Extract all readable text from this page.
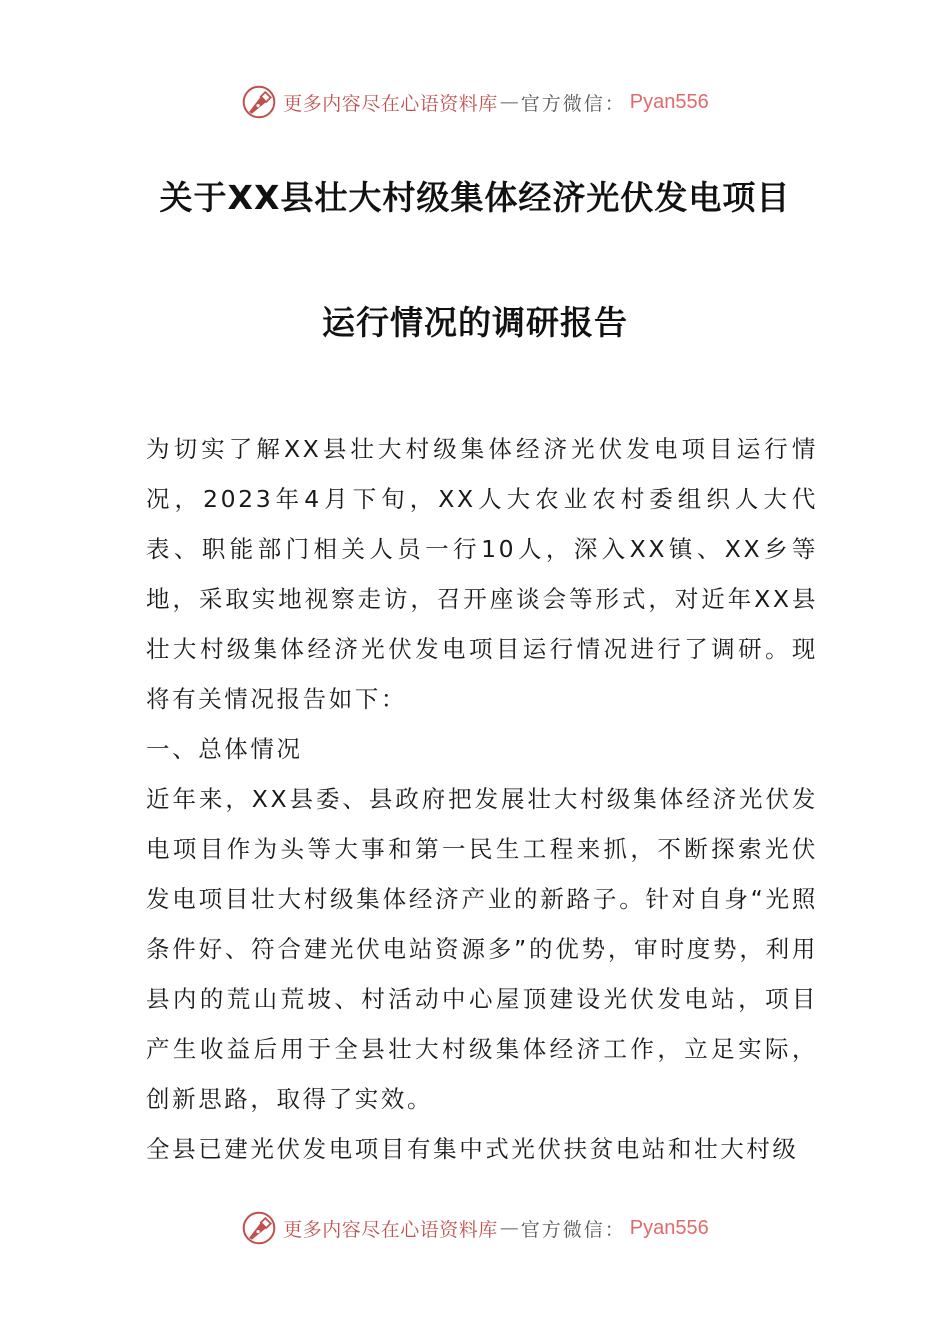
更多内容尽在心语资料库 — 官方微信： Pyan556
关于XX县壮大村级集体经济光伏发电项目
运行情况的调研报告

为切实了解XX县壮大村级集体经济光伏发电项目运行情况，2023年4月下旬，XX人大农业农村委组织人大代表、职能部门相关人员一行10人，深入XX镇、XX乡等地，采取实地视察走访，召开座谈会等形式，对近年XX县壮大村级集体经济光伏发电项目运行情况进行了调研。现将有关情况报告如下：

一、总体情况

近年来，XX县委、县政府把发展壮大村级集体经济光伏发电项目作为头等大事和第一民生工程来抓，不断探索光伏发电项目壮大村级集体经济产业的新路子。针对自身“光照条件好、符合建光伏电站资源多”的优势，审时度势，利用县内的荒山荒坡、村活动中心屋顶建设光伏发电站，项目产生收益后用于全县壮大村级集体经济工作，立足实际，创新思路，取得了实效。

全县已建光伏发电项目有集中式光伏扶贫电站和壮大村级

更多内容尽在心语资料库 — 官方微信： Pyan556
